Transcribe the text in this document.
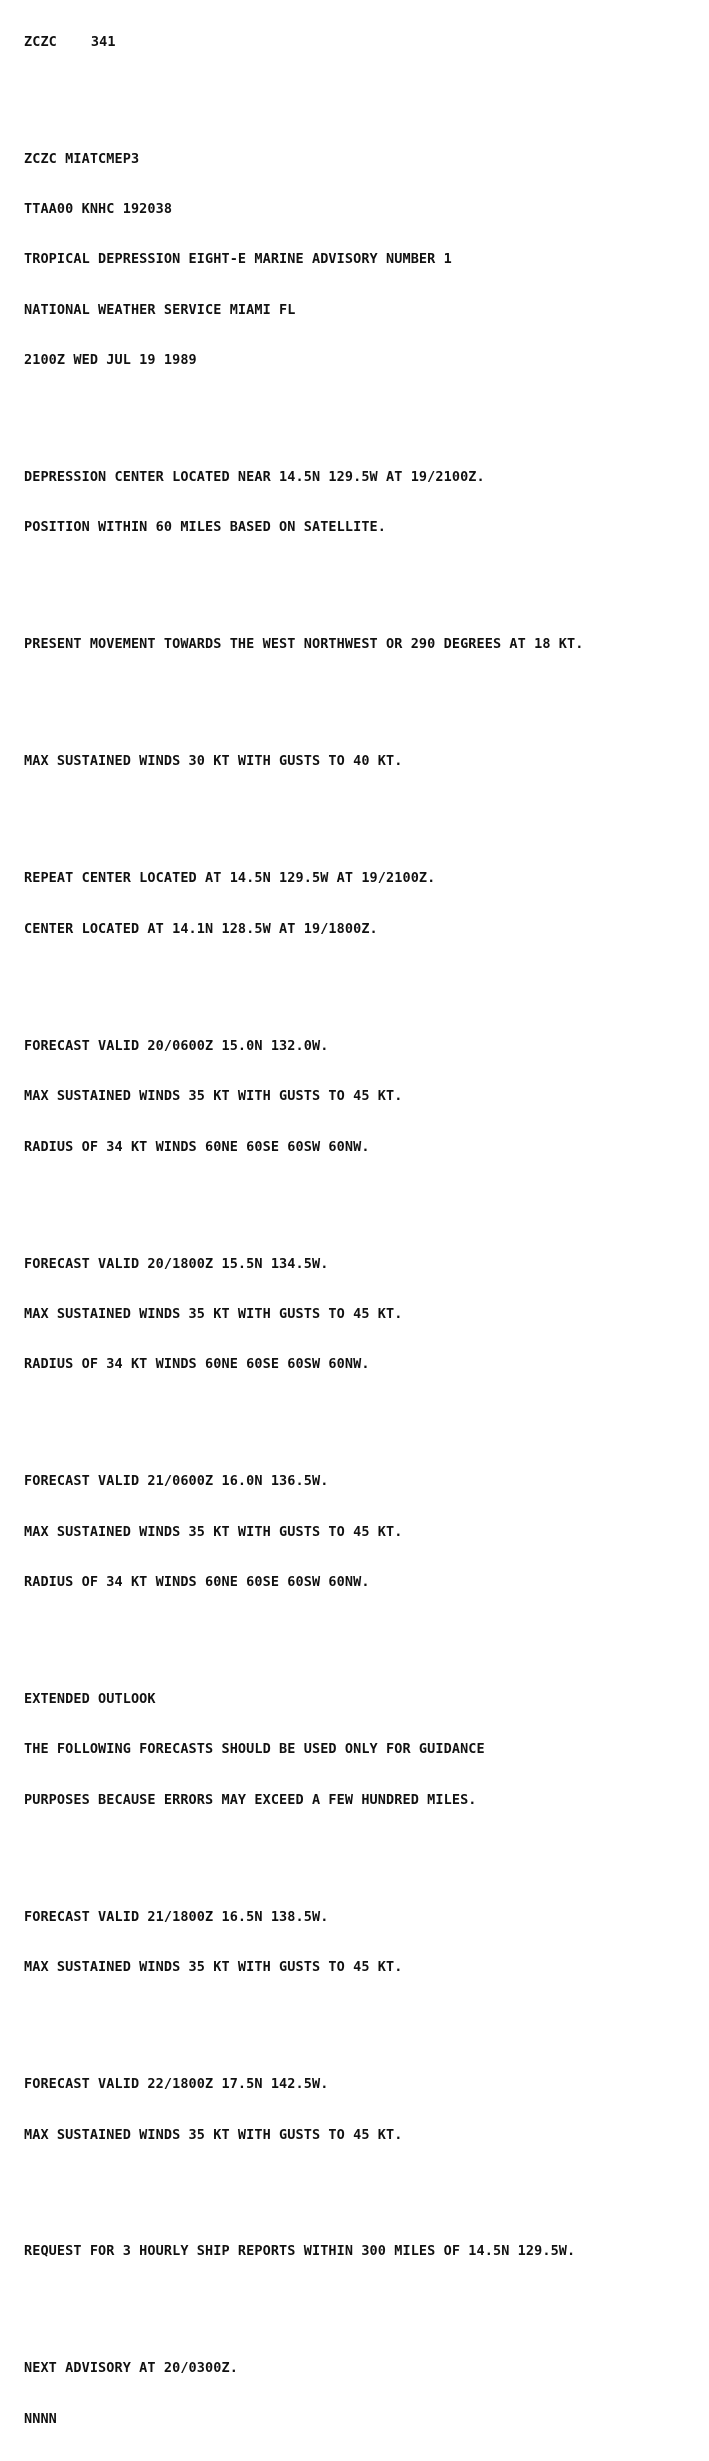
ZCZC	341

ZCZC MIATCMEP3

TTAA00 KNHC 192038

TROPICAL DEPRESSION EIGHT-E MARINE ADVISORY NUMBER 1

NATIONAL WEATHER SERVICE MIAMI FL

2100Z WED JUL 19 1989

DEPRESSION CENTER LOCATED NEAR 14.5N 129.5W AT 19/2100Z.

POSITION WITHIN 60 MILES BASED ON SATELLITE.

PRESENT MOVEMENT TOWARDS THE WEST NORTHWEST OR 290 DEGREES AT 18 KT.

MAX SUSTAINED WINDS 30 KT WITH GUSTS TO 40 KT.

REPEAT CENTER LOCATED AT 14.5N 129.5W AT 19/2100Z.

CENTER LOCATED AT 14.1N 128.5W AT 19/1800Z.

FORECAST VALID 20/0600Z 15.0N 132.0W.

MAX SUSTAINED WINDS 35 KT WITH GUSTS TO 45 KT.

RADIUS OF 34 KT WINDS 60NE 60SE 60SW 60NW.

FORECAST VALID 20/1800Z 15.5N 134.5W.

MAX SUSTAINED WINDS 35 KT WITH GUSTS TO 45 KT.

RADIUS OF 34 KT WINDS 60NE 60SE 60SW 60NW.

FORECAST VALID 21/0600Z 16.0N 136.5W.

MAX SUSTAINED WINDS 35 KT WITH GUSTS TO 45 KT.

RADIUS OF 34 KT WINDS 60NE 60SE 60SW 60NW.

EXTENDED OUTLOOK

THE FOLLOWING FORECASTS SHOULD BE USED ONLY FOR GUIDANCE

PURPOSES BECAUSE ERRORS MAY EXCEED A FEW HUNDRED MILES.

FORECAST VALID 21/1800Z 16.5N 138.5W.

MAX SUSTAINED WINDS 35 KT WITH GUSTS TO 45 KT.

FORECAST VALID 22/1800Z 17.5N 142.5W.

MAX SUSTAINED WINDS 35 KT WITH GUSTS TO 45 KT.

REQUEST FOR 3 HOURLY SHIP REPORTS WITHIN 300 MILES OF 14.5N 129.5W.

NEXT ADVISORY AT 20/0300Z.

NNNN
